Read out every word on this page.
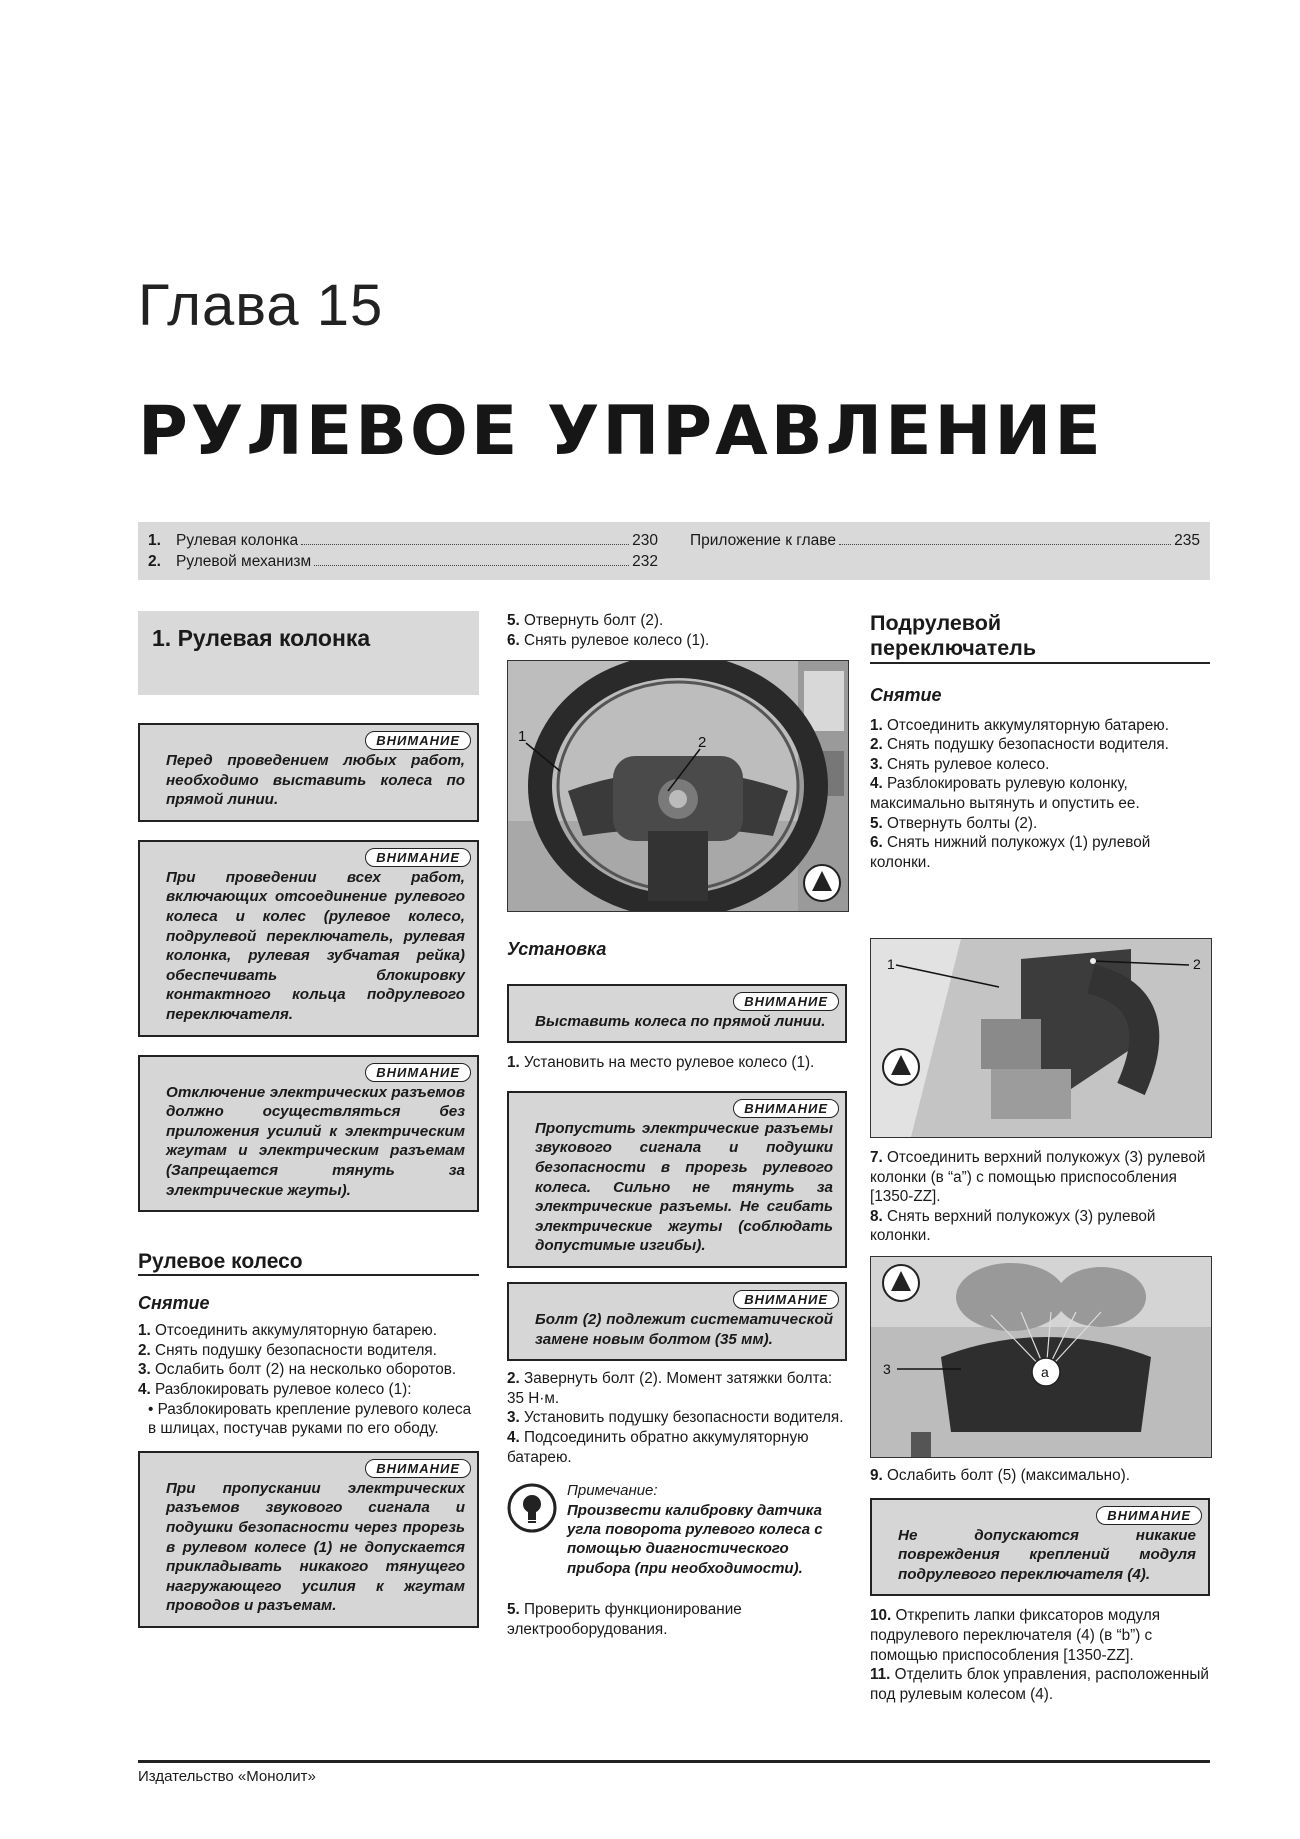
Глава 15
РУЛЕВОЕ УПРАВЛЕНИЕ
1. Рулевая колонка	230
2. Рулевой механизм	232
Приложение к главе	235
1. Рулевая колонка
ВНИМАНИЕ

Перед проведением любых работ, необходимо выставить колеса по прямой линии.

ВНИМАНИЕ

При проведении всех работ, включающих отсоединение рулевого колеса и колес (рулевое колесо, подрулевой переключатель, рулевая колонка, рулевая зубчатая рейка) обеспечивать блокировку контактного кольца подрулевого переключателя.

ВНИМАНИЕ

Отключение электрических разъемов должно осуществляться без приложения усилий к электрическим жгутам и электрическим разъемам (Запрещается тянуть за электрические жгуты).

Рулевое колесо
Снятие

1. Отсоединить аккумуляторную батарею.

2. Снять подушку безопасности водителя.

3. Ослабить болт (2) на несколько оборотов.

4. Разблокировать рулевое колесо (1):

• Разблокировать крепление рулевого колеса в шлицах, постучав руками по его ободу.

ВНИМАНИЕ

При пропускании электрических разъемов звукового сигнала и подушки безопасности через прорезь в рулевом колесе (1) не допускается прикладывать никакого тянущего нагружающего усилия к жгутам проводов и разъемам.

5. Отвернуть болт (2).

6. Снять рулевое колесо (1).

1	2
Установка
ВНИМАНИЕ

Выставить колеса по прямой линии.

1. Установить на место рулевое колесо (1).

ВНИМАНИЕ

Пропустить электрические разъемы звукового сигнала и подушки безопасности в прорезь рулевого колеса. Сильно не тянуть за электрические разъемы. Не сгибать электрические жгуты (соблюдать допустимые изгибы).

ВНИМАНИЕ

Болт (2) подлежит систематической замене новым болтом (35 мм).

2. Завернуть болт (2). Момент затяжки болта: 35 Н·м.

3. Установить подушку безопасности водителя.

4. Подсоединить обратно аккумуляторную батарею.

Примечание:

Произвести калибровку датчика угла поворота рулевого колеса с помощью диагностического прибора (при необходимости).

5. Проверить функционирование электрооборудования.

Подрулевой
переключатель
Снятие

1. Отсоединить аккумуляторную батарею.

2. Снять подушку безопасности водителя.

3. Снять рулевое колесо.

4. Разблокировать рулевую колонку, максимально вытянуть и опустить ее.

5. Отвернуть болты (2).

6. Снять нижний полукожух (1) рулевой колонки.

1	2

7. Отсоединить верхний полукожух (3) рулевой колонки (в “a”) с помощью приспособления [1350-ZZ].

8. Снять верхний полукожух (3) рулевой колонки.

a
3

9. Ослабить болт (5) (максимально).

ВНИМАНИЕ

Не допускаются никакие повреждения креплений модуля подрулевого переключателя (4).

10. Открепить лапки фиксаторов модуля подрулевого переключателя (4) (в “b”) с помощью приспособления [1350-ZZ].

11. Отделить блок управления, расположенный под рулевым колесом (4).

Издательство «Монолит»
